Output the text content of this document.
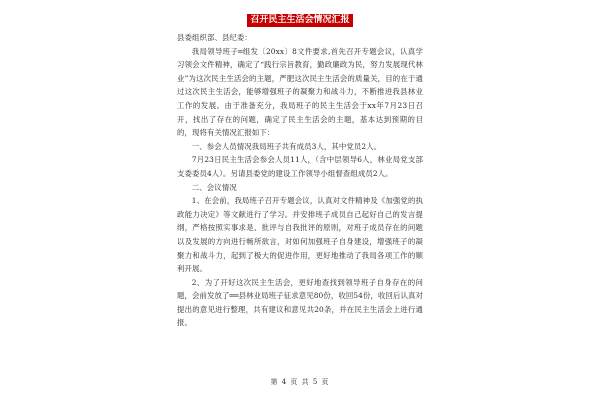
召开民主生活会情况汇报

县委组织部、县纪委：

我局领导班子═组发〔20xx〕8文件要求,首先召开专题会议，认真学习领会文件精神，确定了“践行宗旨教育，勤政廉政为民，努力发展现代林业”为这次民主生活会的主题，严肥这次民主生活会的质量关，目的在于通过这次民主生活会，能够增强班子的凝聚力和战斗力，不断推进我县林业工作的发展。由于准备充分，我局班子的民主生活会于xx年7月23日召开，找出了存在的问题，确定了民主生活会的主题，基本达到预期的目的，现将有关情况汇报如下：

一、参会人员情况我局班子共有成员3人，其中党员2人。

7月23日民主生活会参会人员11人，（含中层领导6人，林业局党支部支委委员4人）。另请县委党的建设工作领导小组督查组成员2人。

二、会议情况

1、在会前，我局班子召开专题会议，认真对文件精神及《加强党的执政能力决定》等文献进行了学习。并安排班子成员自己起好自己的发言提纲，严格按照实事求是、批评与自我批评的原则，对班子成员存在的问题以及发展的方向进行畅所欲言，对如何加强班子自身建设，增强班子的凝聚力和战斗力，起到了极大的促进作用，更好地推动了我局各项工作的顺利开展。

2、为了开好这次民主生活会，更好地查找到领导班子自身存在的问题，会前发放了══县林业局班子征求意见80份，收回54份，收回后认真对提出的意见进行整理，共有建议和意见共20条，并在民主生活会上进行通报。

第 4 页 共 5 页
